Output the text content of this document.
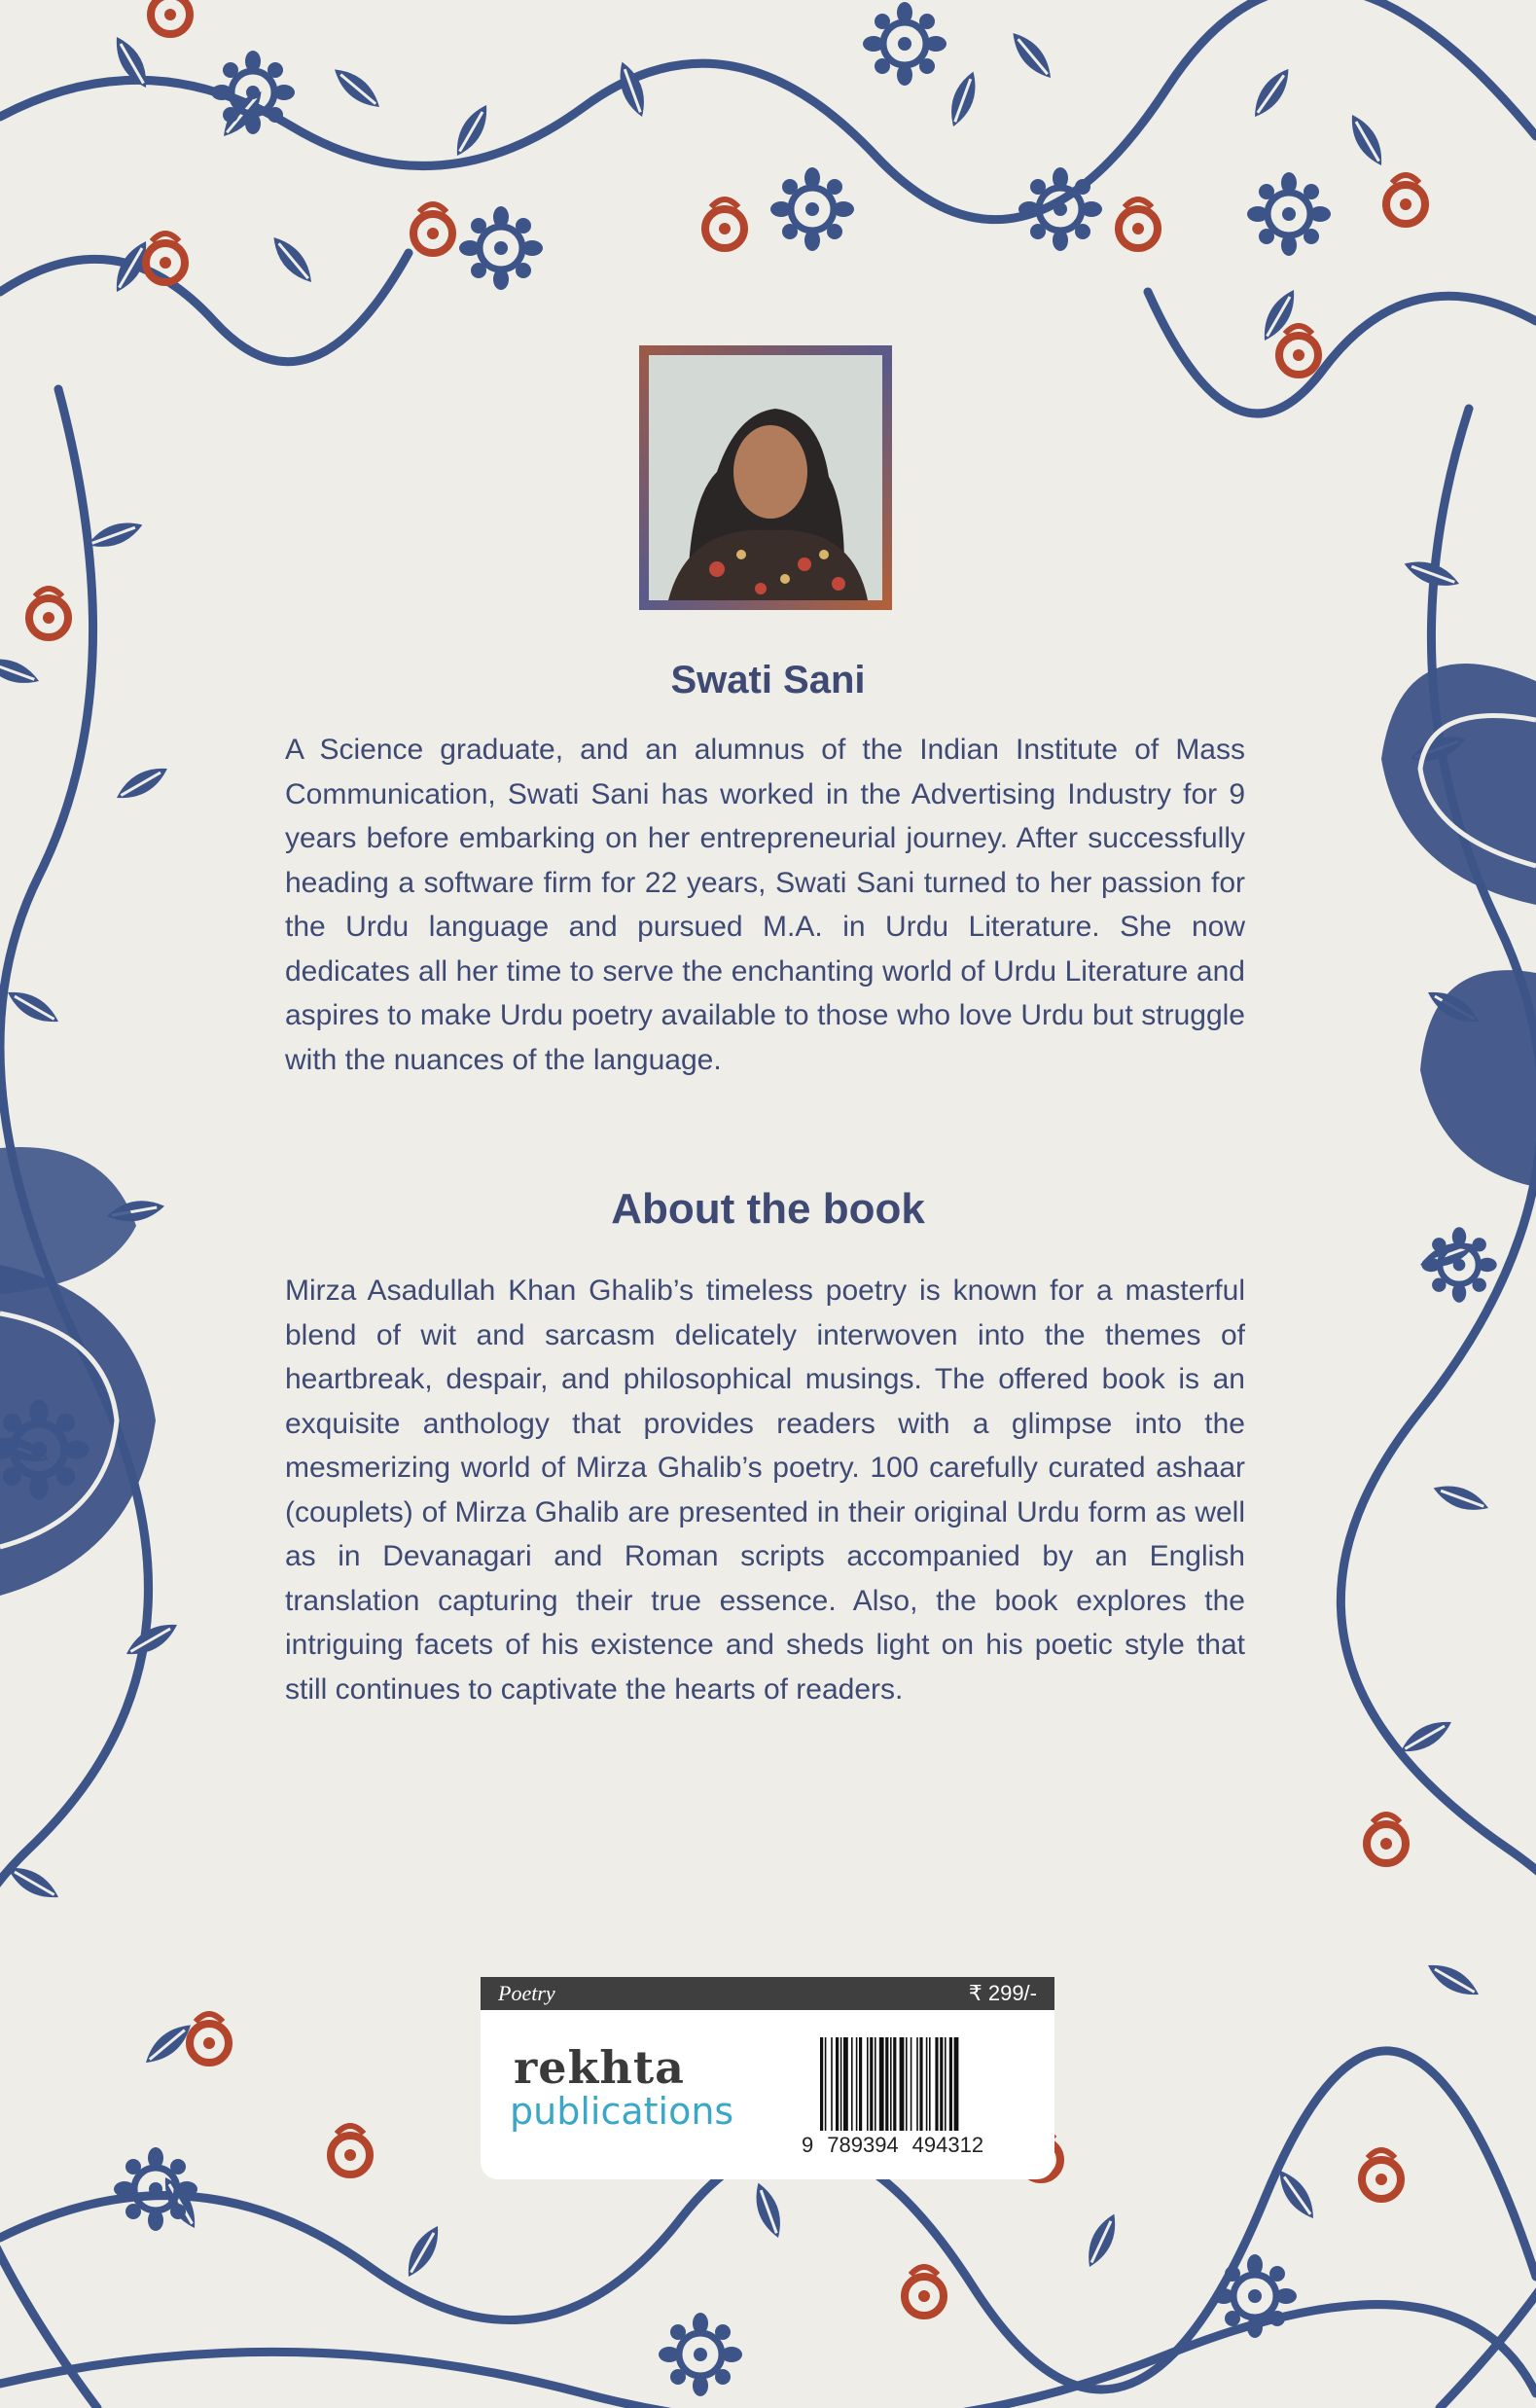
Swati Sani
A Science graduate, and an alumnus of the Indian Institute of Mass Communication, Swati Sani has worked in the Advertising Industry for 9 years before embarking on her entrepreneurial journey. After successfully heading a software firm for 22 years, Swati Sani turned to her passion for the Urdu language and pursued M.A. in Urdu Literature. She now dedicates all her time to serve the enchanting world of Urdu Literature and aspires to make Urdu poetry available to those who love Urdu but struggle with the nuances of the language.
About the book
Mirza Asadullah Khan Ghalib’s timeless poetry is known for a masterful blend of wit and sarcasm delicately interwoven into the themes of heartbreak, despair, and philosophical musings. The offered book is an exquisite anthology that provides readers with a glimpse into the mesmerizing world of Mirza Ghalib’s poetry. 100 carefully curated ashaar (couplets) of Mirza Ghalib are presented in their original Urdu form as well as in Devanagari and Roman scripts accompanied by an English translation capturing their true essence. Also, the book explores the intriguing facets of his existence and sheds light on his poetic style that still continues to captivate the hearts of readers.
Poetry	₹ 299/-
rekhta
publications
9 789394 494312
